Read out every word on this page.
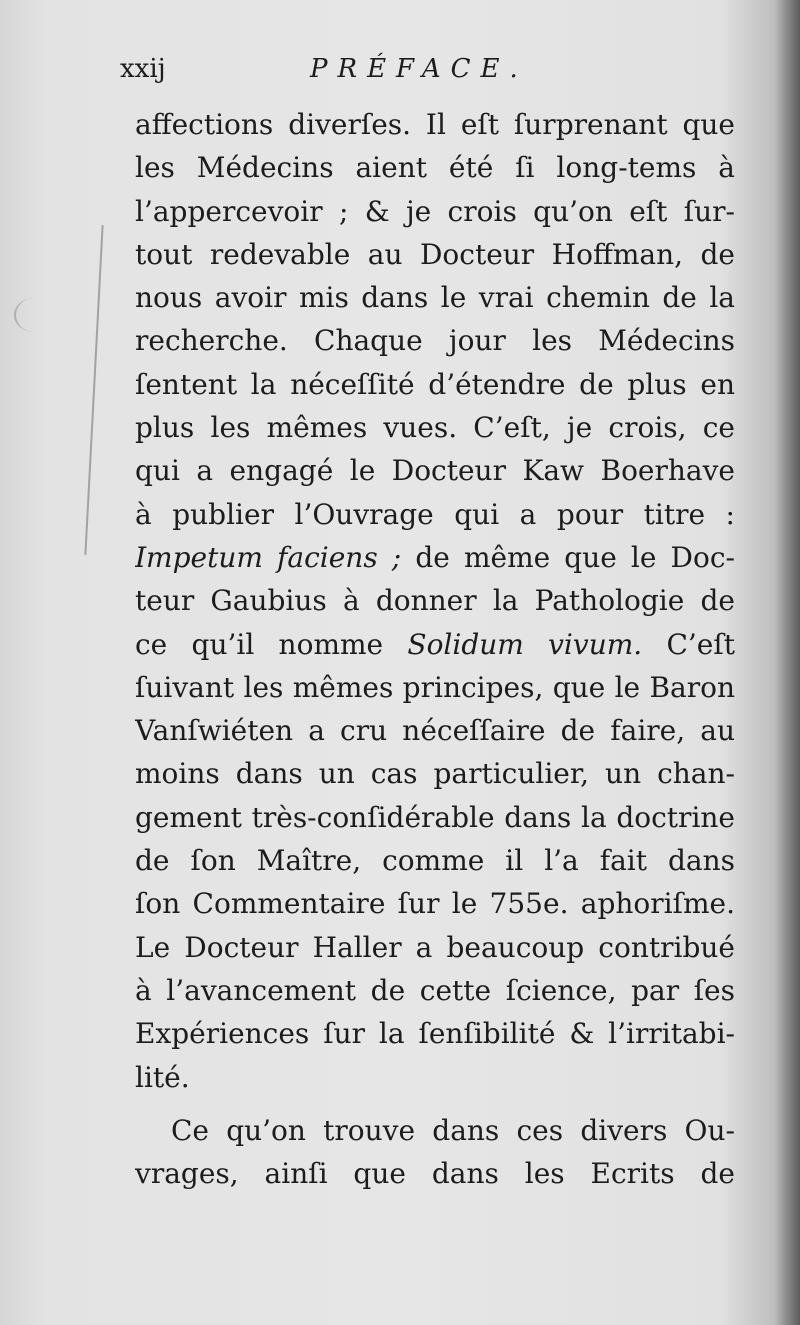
xxij	PRÉFACE.
affections diverſes. Il eſt ſurprenant que
les Médecins aient été ſi long-tems à
l’appercevoir ; & je crois qu’on eſt ſur-
tout redevable au Docteur Hoffman, de
nous avoir mis dans le vrai chemin de la
recherche. Chaque jour les Médecins
ſentent la néceſſité d’étendre de plus en
plus les mêmes vues. C’eſt, je crois, ce
qui a engagé le Docteur Kaw Boerhave
à publier l’Ouvrage qui a pour titre :
Impetum faciens ; de même que le Doc-
teur Gaubius à donner la Pathologie de
ce qu’il nomme Solidum vivum. C’eſt
ſuivant les mêmes principes, que le Baron
Vanſwiéten a cru néceſſaire de faire, au
moins dans un cas particulier, un chan-
gement très-conſidérable dans la doctrine
de ſon Maître, comme il l’a fait dans
ſon Commentaire ſur le 755e. aphoriſme.
Le Docteur Haller a beaucoup contribué
à l’avancement de cette ſcience, par ſes
Expériences ſur la ſenſibilité & l’irritabi-
lité.
Ce qu’on trouve dans ces divers Ou-
vrages, ainſi que dans les Ecrits de
